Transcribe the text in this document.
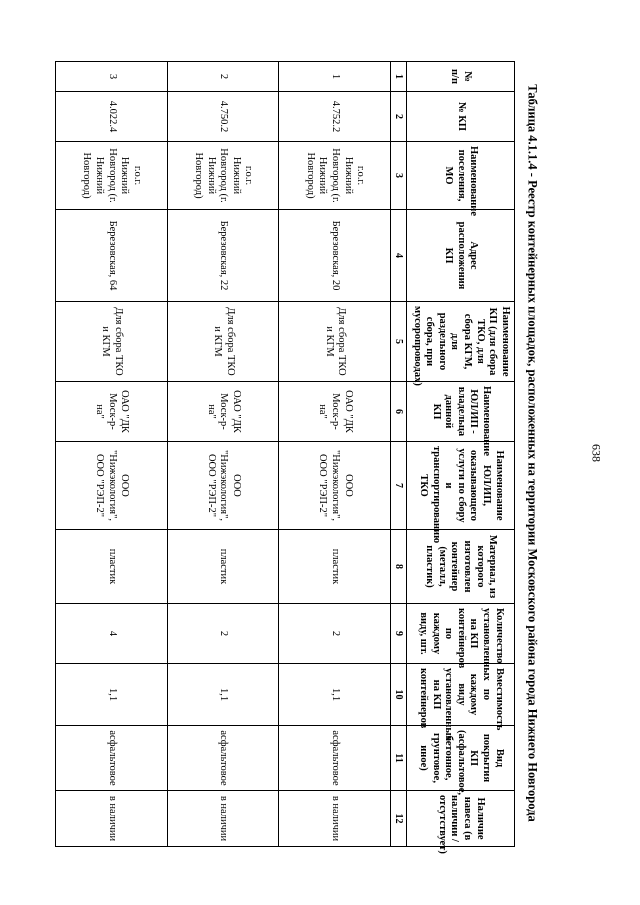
638
Таблица 4.1.1.4 - Реестр контейнерных площадок, расположенных на территории Московского района города Нижнего Новгорода
№ п/п	№ КП	Наименование поселения, МО	Адрес расположения КП	Наименование КП (для сбора ТКО, для сбора КГМ, для раздельного сбора, при мусоропроводах)	Наименование ЮЛ/ИП - владельца данной КП	Наименование ЮЛ/ИП, оказывающего услуги по сбору и транспортированию ТКО	Материал, из которого изготовлен контейнер (металл, пластик)	Количество установленных на КП контейнеров по каждому виду, шт.	Вместимость по каждому виду установленных на КП контейнеров	Вид покрытия КП (асфальтовое, бетонное, грунтовое, иное)	Наличие навеса (в наличии / отсутствует)
1	2	3	4	5	6	7	8	9	10	11	12
1	4.752.2	г.о.г. Нижний Новгород (г. Нижний Новгород)	Березовская, 20	Для сбора ТКО и КГМ	ОАО "ДК Моск-р-на"	ООО "Нижэкология", ООО "РЭП-2"	пластик	2	1,1	асфальтовое	в наличии
2	4.750.2	г.о.г. Нижний Новгород (г. Нижний Новгород)	Березовская, 22	Для сбора ТКО и КГМ	ОАО "ДК Моск-р-на"	ООО "Нижэкология", ООО "РЭП-2"	пластик	2	1,1	асфальтовое	в наличии
3	4.022.4	г.о.г. Нижний Новгород (г. Нижний Новгород)	Березовская, 64	Для сбора ТКО и КГМ	ОАО "ДК Моск-р-на"	ООО "Нижэкология", ООО "РЭП-2"	пластик	4	1,1	асфальтовое	в наличии
